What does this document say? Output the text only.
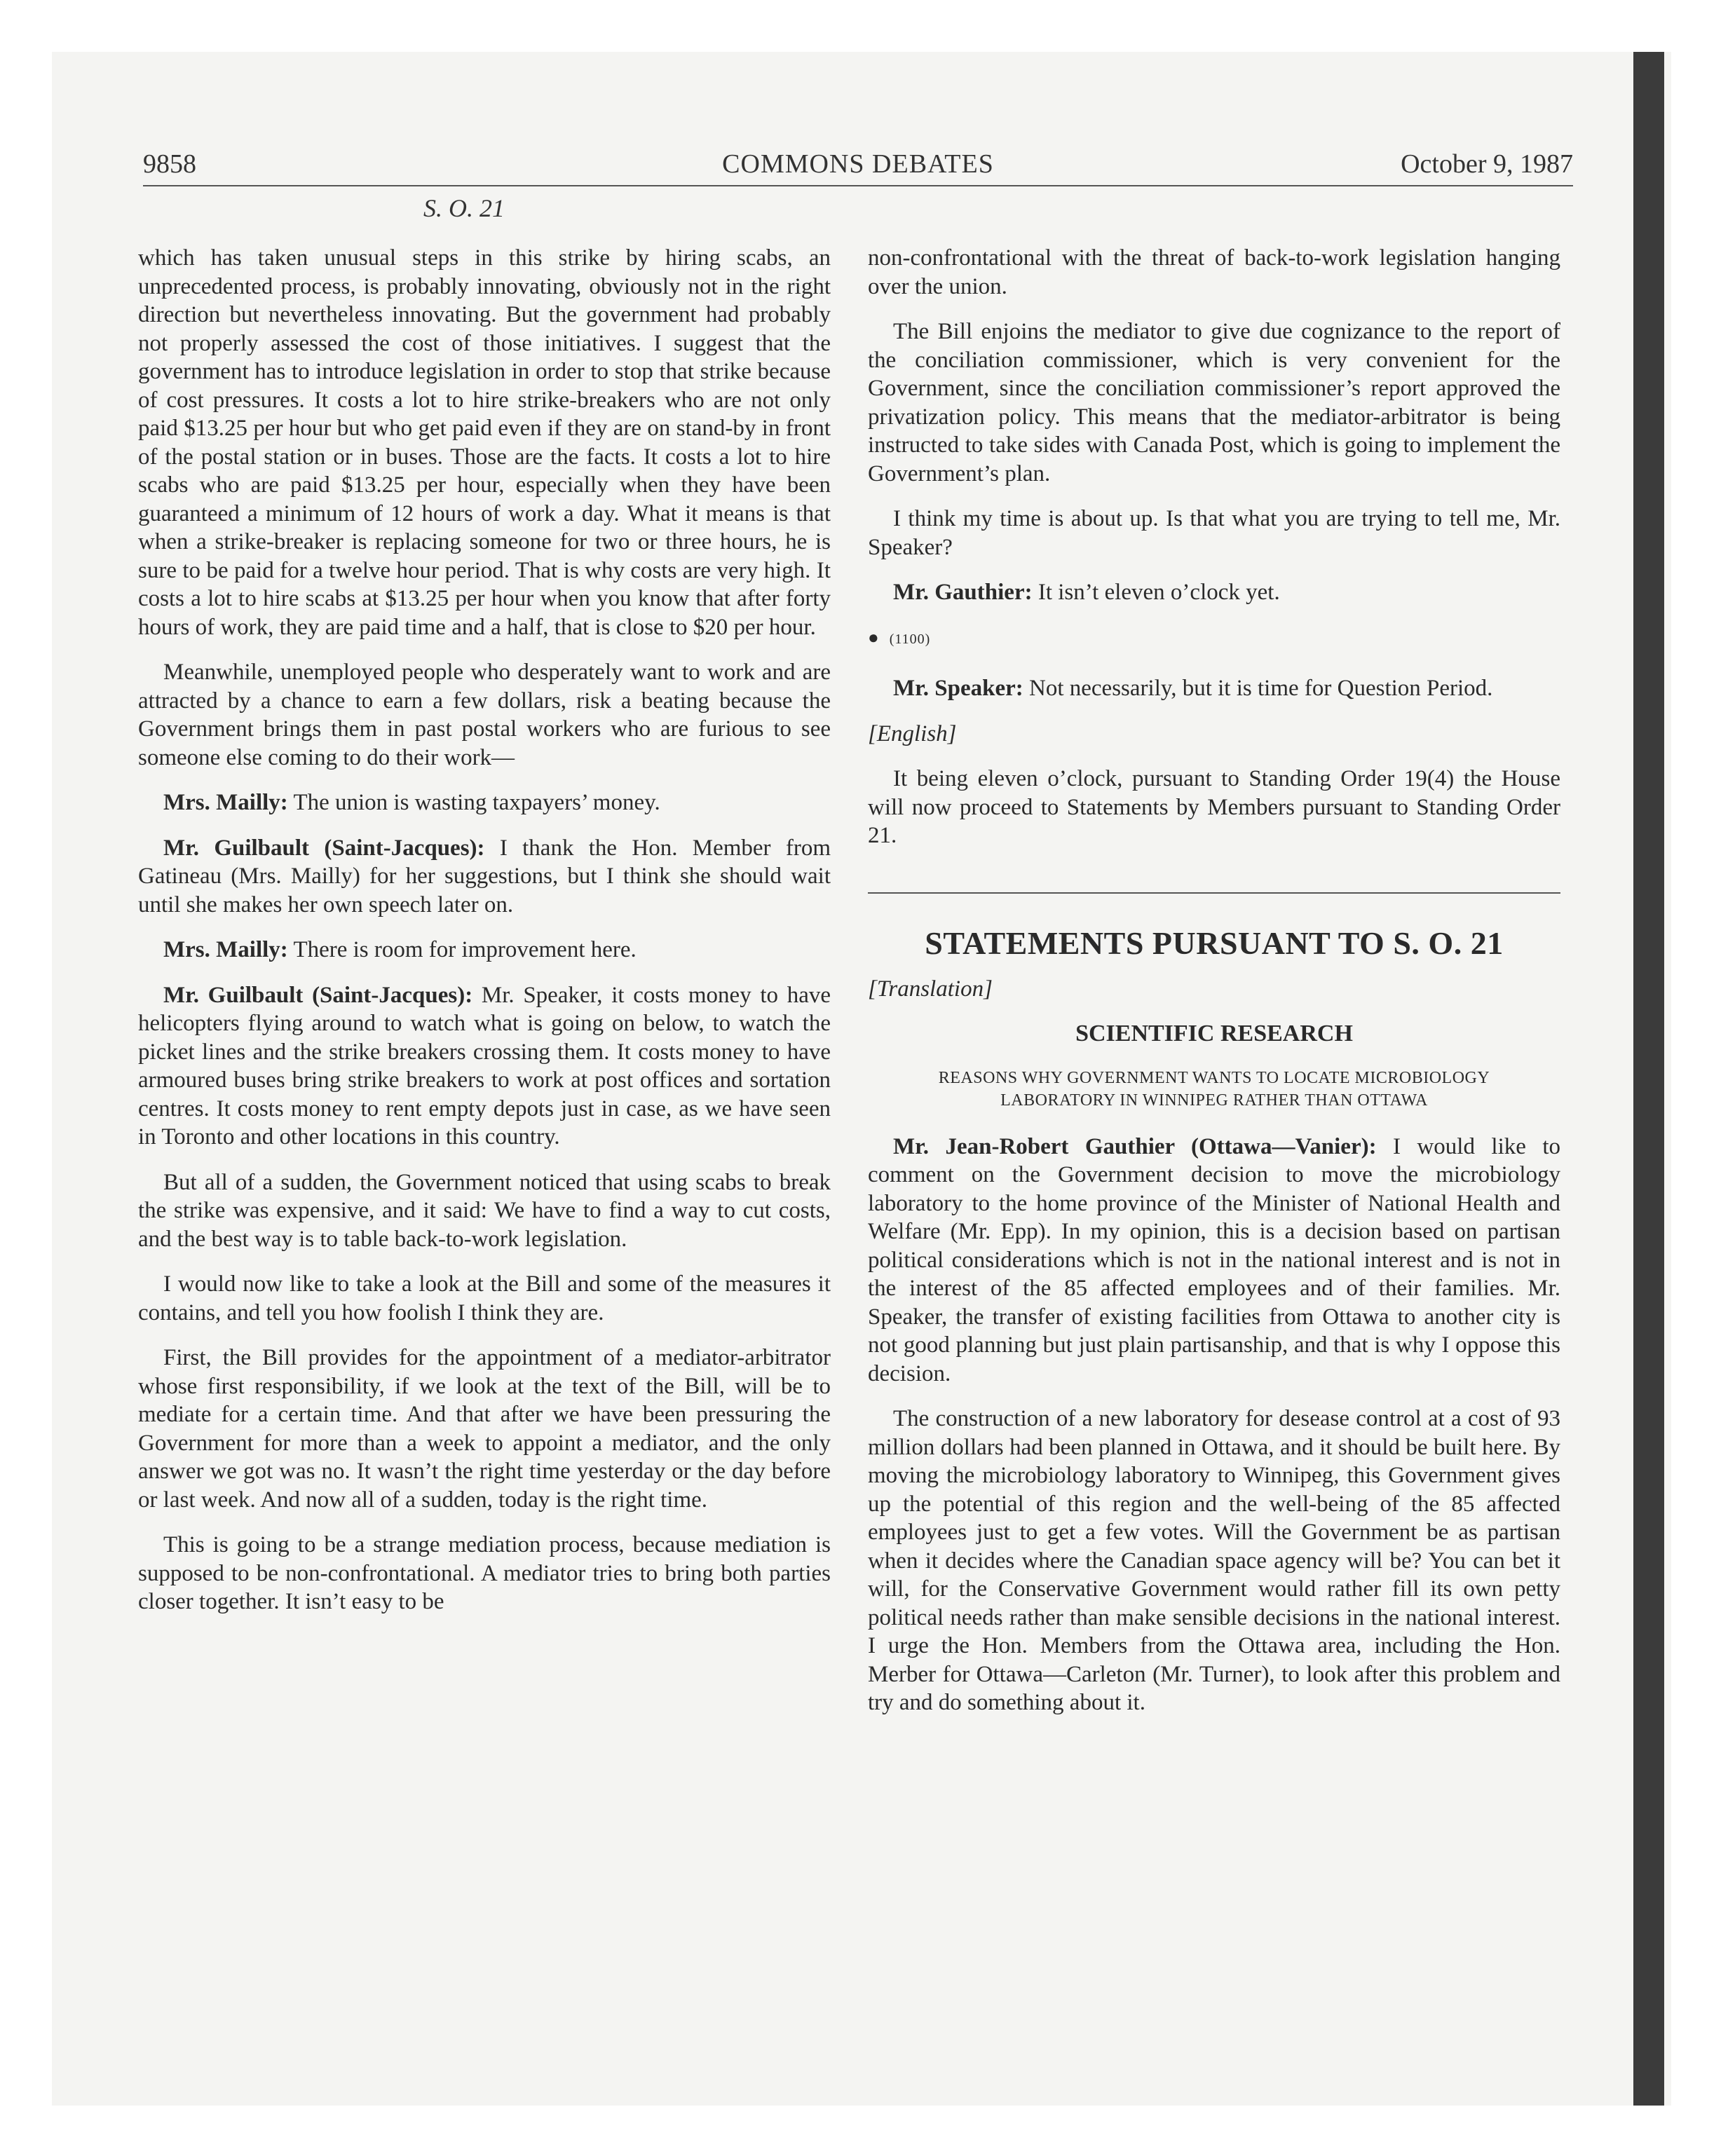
9858	COMMONS DEBATES	October 9, 1987
S. O. 21

which has taken unusual steps in this strike by hiring scabs, an unprecedented process, is probably innovating, obviously not in the right direction but nevertheless innovating. But the government had probably not properly assessed the cost of those initiatives. I suggest that the government has to introduce legislation in order to stop that strike because of cost pressures. It costs a lot to hire strike-breakers who are not only paid $13.25 per hour but who get paid even if they are on stand-by in front of the postal station or in buses. Those are the facts. It costs a lot to hire scabs who are paid $13.25 per hour, especially when they have been guaranteed a minimum of 12 hours of work a day. What it means is that when a strike-breaker is replacing someone for two or three hours, he is sure to be paid for a twelve hour period. That is why costs are very high. It costs a lot to hire scabs at $13.25 per hour when you know that after forty hours of work, they are paid time and a half, that is close to $20 per hour.

Meanwhile, unemployed people who desperately want to work and are attracted by a chance to earn a few dollars, risk a beating because the Government brings them in past postal workers who are furious to see someone else coming to do their work—

Mrs. Mailly: The union is wasting taxpayers’ money.

Mr. Guilbault (Saint-Jacques): I thank the Hon. Member from Gatineau (Mrs. Mailly) for her suggestions, but I think she should wait until she makes her own speech later on.

Mrs. Mailly: There is room for improvement here.

Mr. Guilbault (Saint-Jacques): Mr. Speaker, it costs money to have helicopters flying around to watch what is going on below, to watch the picket lines and the strike breakers crossing them. It costs money to have armoured buses bring strike breakers to work at post offices and sortation centres. It costs money to rent empty depots just in case, as we have seen in Toronto and other locations in this country.

But all of a sudden, the Government noticed that using scabs to break the strike was expensive, and it said: We have to find a way to cut costs, and the best way is to table back-to-work legislation.

I would now like to take a look at the Bill and some of the measures it contains, and tell you how foolish I think they are.

First, the Bill provides for the appointment of a mediator-arbitrator whose first responsibility, if we look at the text of the Bill, will be to mediate for a certain time. And that after we have been pressuring the Government for more than a week to appoint a mediator, and the only answer we got was no. It wasn’t the right time yesterday or the day before or last week. And now all of a sudden, today is the right time.

This is going to be a strange mediation process, because mediation is supposed to be non-confrontational. A mediator tries to bring both parties closer together. It isn’t easy to be

non-confrontational with the threat of back-to-work legislation hanging over the union.

The Bill enjoins the mediator to give due cognizance to the report of the conciliation commissioner, which is very convenient for the Government, since the conciliation commissioner’s report approved the privatization policy. This means that the mediator-arbitrator is being instructed to take sides with Canada Post, which is going to implement the Government’s plan.

I think my time is about up. Is that what you are trying to tell me, Mr. Speaker?

Mr. Gauthier: It isn’t eleven o’clock yet.

● (1100)

Mr. Speaker: Not necessarily, but it is time for Question Period.

[English]

It being eleven o’clock, pursuant to Standing Order 19(4) the House will now proceed to Statements by Members pursuant to Standing Order 21.

STATEMENTS PURSUANT TO S. O. 21

[Translation]

SCIENTIFIC RESEARCH
REASONS WHY GOVERNMENT WANTS TO LOCATE MICROBIOLOGY LABORATORY IN WINNIPEG RATHER THAN OTTAWA

Mr. Jean-Robert Gauthier (Ottawa—Vanier): I would like to comment on the Government decision to move the microbiology laboratory to the home province of the Minister of National Health and Welfare (Mr. Epp). In my opinion, this is a decision based on partisan political considerations which is not in the national interest and is not in the interest of the 85 affected employees and of their families. Mr. Speaker, the transfer of existing facilities from Ottawa to another city is not good planning but just plain partisanship, and that is why I oppose this decision.

The construction of a new laboratory for desease control at a cost of 93 million dollars had been planned in Ottawa, and it should be built here. By moving the microbiology laboratory to Winnipeg, this Government gives up the potential of this region and the well-being of the 85 affected employees just to get a few votes. Will the Government be as partisan when it decides where the Canadian space agency will be? You can bet it will, for the Conservative Government would rather fill its own petty political needs rather than make sensible decisions in the national interest. I urge the Hon. Members from the Ottawa area, including the Hon. Merber for Ottawa—Carleton (Mr. Turner), to look after this problem and try and do something about it.
